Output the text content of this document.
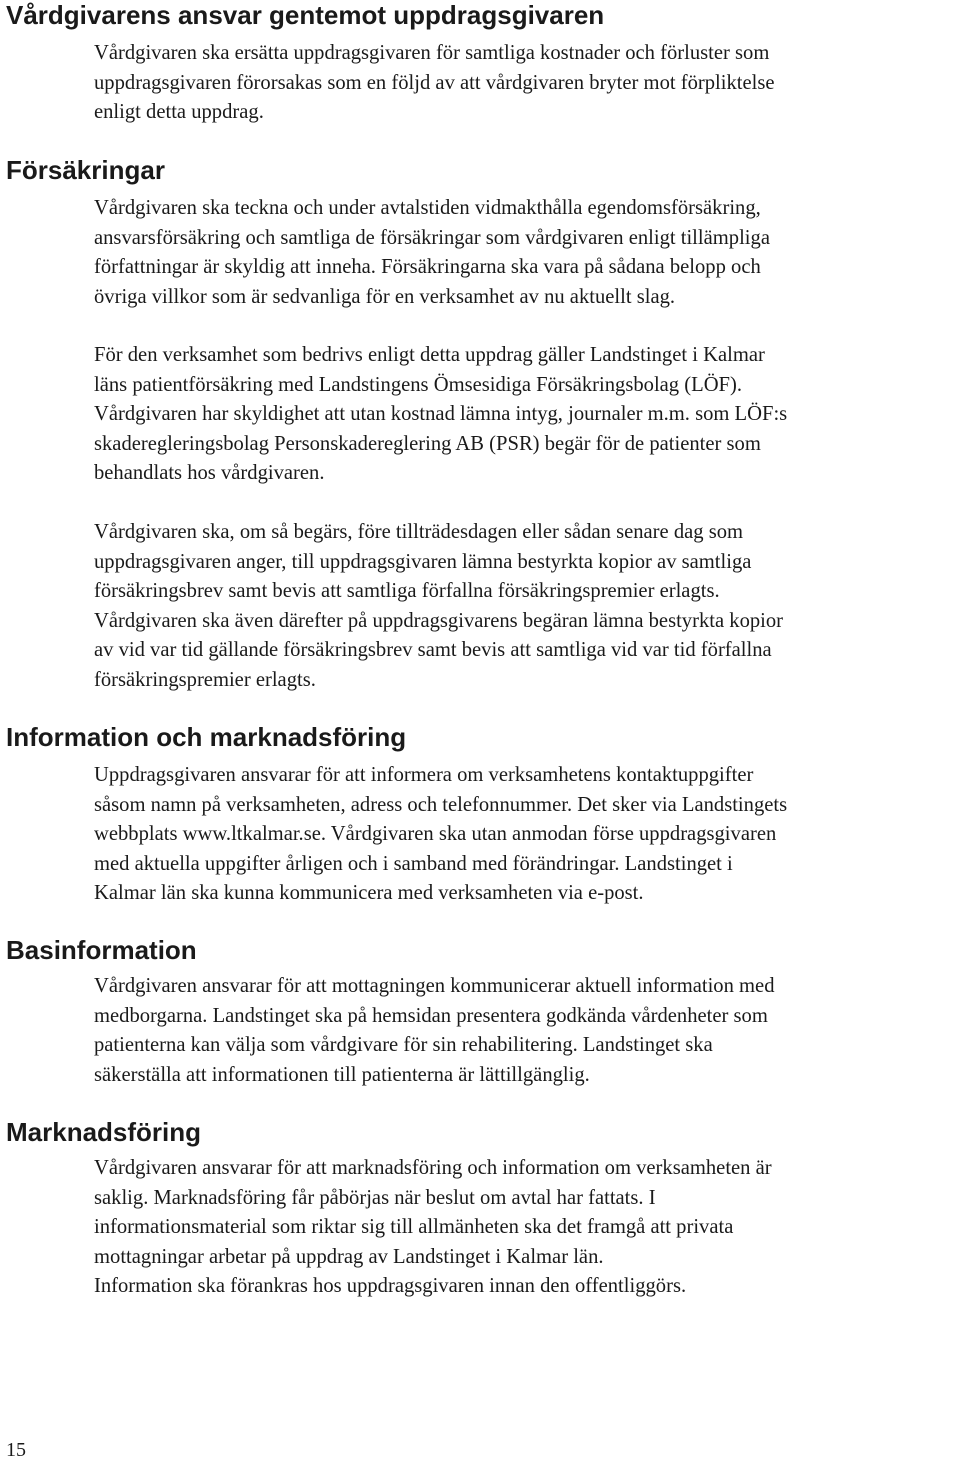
Vårdgivarens ansvar gentemot uppdragsgivaren

Vårdgivaren ska ersätta uppdragsgivaren för samtliga kostnader och förluster som
uppdragsgivaren förorsakas som en följd av att vårdgivaren bryter mot förpliktelse
enligt detta uppdrag.

Försäkringar

Vårdgivaren ska teckna och under avtalstiden vidmakthålla egendomsförsäkring,
ansvarsförsäkring och samtliga de försäkringar som vårdgivaren enligt tillämpliga
författningar är skyldig att inneha. Försäkringarna ska vara på sådana belopp och
övriga villkor som är sedvanliga för en verksamhet av nu aktuellt slag.

För den verksamhet som bedrivs enligt detta uppdrag gäller Landstinget i Kalmar
läns patientförsäkring med Landstingens Ömsesidiga Försäkringsbolag (LÖF).
Vårdgivaren har skyldighet att utan kostnad lämna intyg, journaler m.m. som LÖF:s
skaderegleringsbolag Personskadereglering AB (PSR) begär för de patienter som
behandlats hos vårdgivaren.

Vårdgivaren ska, om så begärs, före tillträdesdagen eller sådan senare dag som
uppdragsgivaren anger, till uppdragsgivaren lämna bestyrkta kopior av samtliga
försäkringsbrev samt bevis att samtliga förfallna försäkringspremier erlagts.
Vårdgivaren ska även därefter på uppdragsgivarens begäran lämna bestyrkta kopior
av vid var tid gällande försäkringsbrev samt bevis att samtliga vid var tid förfallna
försäkringspremier erlagts.

Information och marknadsföring

Uppdragsgivaren ansvarar för att informera om verksamhetens kontaktuppgifter
såsom namn på verksamheten, adress och telefonnummer. Det sker via Landstingets
webbplats www.ltkalmar.se. Vårdgivaren ska utan anmodan förse uppdragsgivaren
med aktuella uppgifter årligen och i samband med förändringar. Landstinget i
Kalmar län ska kunna kommunicera med verksamheten via e-post.

Basinformation

Vårdgivaren ansvarar för att mottagningen kommunicerar aktuell information med
medborgarna. Landstinget ska på hemsidan presentera godkända vårdenheter som
patienterna kan välja som vårdgivare för sin rehabilitering. Landstinget ska
säkerställa att informationen till patienterna är lättillgänglig.

Marknadsföring

Vårdgivaren ansvarar för att marknadsföring och information om verksamheten är
saklig. Marknadsföring får påbörjas när beslut om avtal har fattats. I
informationsmaterial som riktar sig till allmänheten ska det framgå att privata
mottagningar arbetar på uppdrag av Landstinget i Kalmar län.
Information ska förankras hos uppdragsgivaren innan den offentliggörs.

15
